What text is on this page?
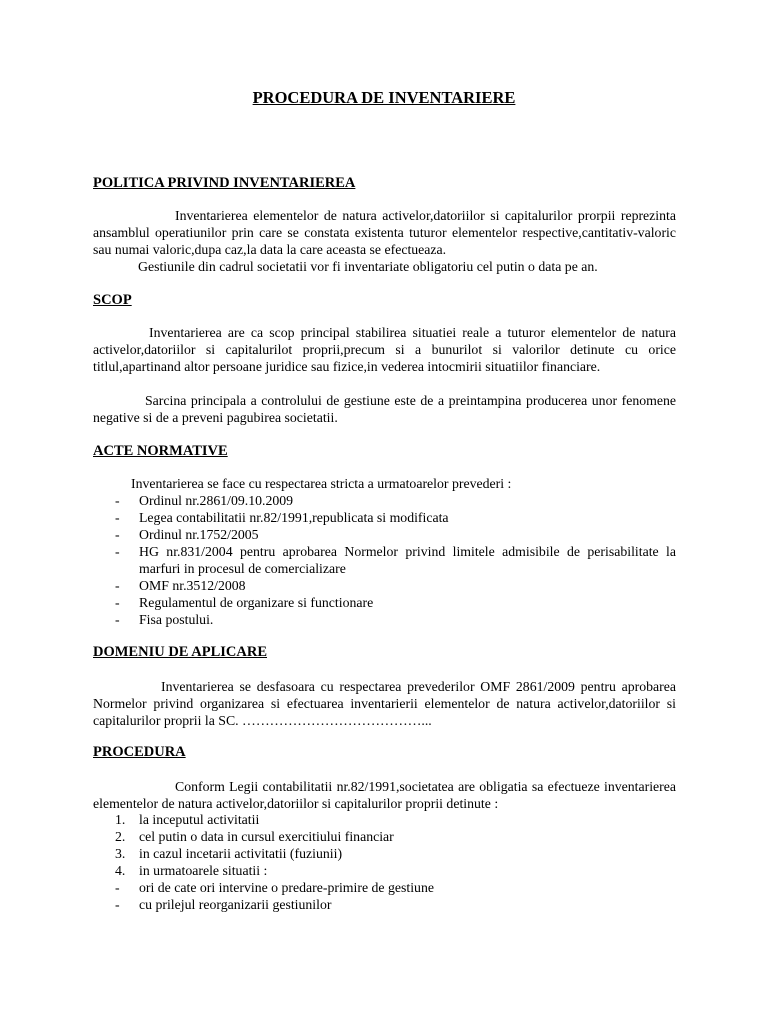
PROCEDURA DE INVENTARIERE
POLITICA PRIVIND INVENTARIEREA
Inventarierea elementelor de natura activelor,datoriilor si capitalurilor prorpii reprezinta ansamblul operatiunilor prin care se constata existenta tuturor elementelor respective,cantitativ-valoric sau numai valoric,dupa caz,la data la care aceasta se efectueaza.
Gestiunile din cadrul societatii vor fi inventariate obligatoriu cel putin o data pe an.
SCOP
Inventarierea are ca scop principal stabilirea situatiei reale a tuturor elementelor de natura activelor,datoriilor si capitalurilot proprii,precum si a bunurilot si valorilor detinute cu orice titlul,apartinand altor persoane juridice sau fizice,in vederea intocmirii situatiilor financiare.
Sarcina principala a controlului de gestiune este de a preintampina producerea unor fenomene negative si de a preveni pagubirea societatii.
ACTE NORMATIVE
Inventarierea se face cu respectarea stricta a urmatoarelor prevederi :
- Ordinul nr.2861/09.10.2009
- Legea contabilitatii nr.82/1991,republicata si modificata
- Ordinul nr.1752/2005
- HG nr.831/2004 pentru aprobarea Normelor privind limitele admisibile de perisabilitate la marfuri in procesul de comercializare
- OMF nr.3512/2008
- Regulamentul de organizare si functionare
- Fisa postului.
DOMENIU DE APLICARE
Inventarierea se desfasoara cu respectarea prevederilor OMF 2861/2009 pentru aprobarea Normelor privind organizarea si efectuarea inventarierii elementelor de natura activelor,datoriilor si capitalurilor proprii la SC. …………………………………...
PROCEDURA
Conform Legii contabilitatii nr.82/1991,societatea are obligatia sa efectueze inventarierea elementelor de natura activelor,datoriilor si capitalurilor proprii detinute :
1. la inceputul activitatii
2. cel putin o data in cursul exercitiului financiar
3. in cazul incetarii activitatii (fuziunii)
4. in urmatoarele situatii :
- ori de cate ori intervine o predare-primire de gestiune
- cu prilejul reorganizarii gestiunilor
